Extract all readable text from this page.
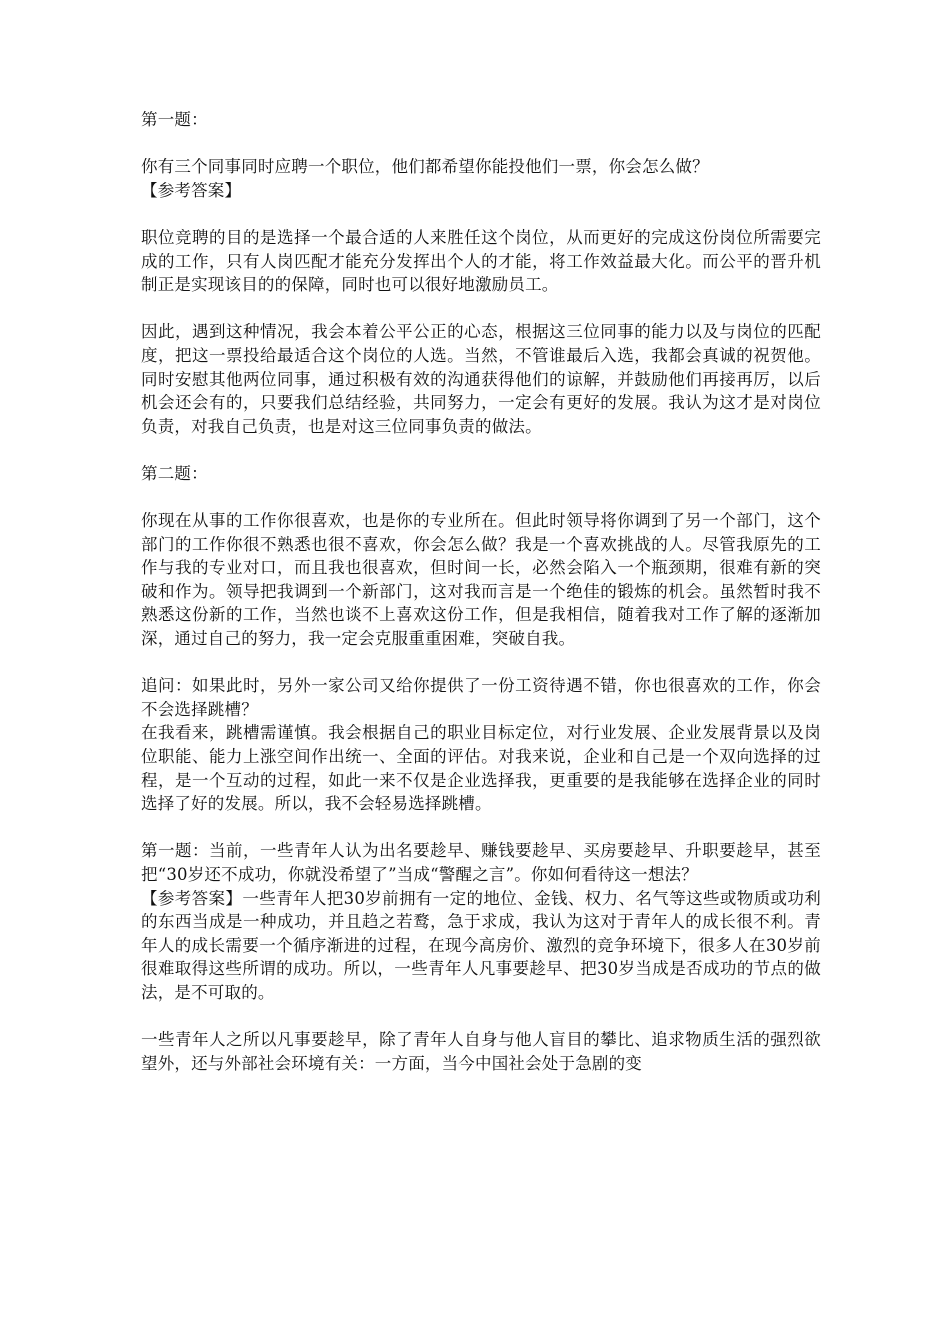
第一题：

你有三个同事同时应聘一个职位，他们都希望你能投他们一票，你会怎么做？

【参考答案】

职位竞聘的目的是选择一个最合适的人来胜任这个岗位，从而更好的完成这份岗位所需要完成的工作，只有人岗匹配才能充分发挥出个人的才能，将工作效益最大化。而公平的晋升机制正是实现该目的的保障，同时也可以很好地激励员工。

因此，遇到这种情况，我会本着公平公正的心态，根据这三位同事的能力以及与岗位的匹配度，把这一票投给最适合这个岗位的人选。当然，不管谁最后入选，我都会真诚的祝贺他。同时安慰其他两位同事，通过积极有效的沟通获得他们的谅解，并鼓励他们再接再厉，以后机会还会有的，只要我们总结经验，共同努力，一定会有更好的发展。我认为这才是对岗位负责，对我自己负责，也是对这三位同事负责的做法。

第二题：

你现在从事的工作你很喜欢，也是你的专业所在。但此时领导将你调到了另一个部门，这个部门的工作你很不熟悉也很不喜欢，你会怎么做？我是一个喜欢挑战的人。尽管我原先的工作与我的专业对口，而且我也很喜欢，但时间一长，必然会陷入一个瓶颈期，很难有新的突破和作为。领导把我调到一个新部门，这对我而言是一个绝佳的锻炼的机会。虽然暂时我不熟悉这份新的工作，当然也谈不上喜欢这份工作，但是我相信，随着我对工作了解的逐渐加深，通过自己的努力，我一定会克服重重困难，突破自我。

追问：如果此时，另外一家公司又给你提供了一份工资待遇不错，你也很喜欢的工作，你会不会选择跳槽？

在我看来，跳槽需谨慎。我会根据自己的职业目标定位，对行业发展、企业发展背景以及岗位职能、能力上涨空间作出统一、全面的评估。对我来说，企业和自己是一个双向选择的过程，是一个互动的过程，如此一来不仅是企业选择我，更重要的是我能够在选择企业的同时选择了好的发展。所以，我不会轻易选择跳槽。

第一题：当前，一些青年人认为出名要趁早、赚钱要趁早、买房要趁早、升职要趁早，甚至把“30岁还不成功，你就没希望了”当成“警醒之言”。你如何看待这一想法？

【参考答案】一些青年人把30岁前拥有一定的地位、金钱、权力、名气等这些或物质或功利的东西当成是一种成功，并且趋之若鹜，急于求成，我认为这对于青年人的成长很不利。青年人的成长需要一个循序渐进的过程，在现今高房价、激烈的竞争环境下，很多人在30岁前很难取得这些所谓的成功。所以，一些青年人凡事要趁早、把30岁当成是否成功的节点的做法，是不可取的。

一些青年人之所以凡事要趁早，除了青年人自身与他人盲目的攀比、追求物质生活的强烈欲望外，还与外部社会环境有关：一方面，当今中国社会处于急剧的变
